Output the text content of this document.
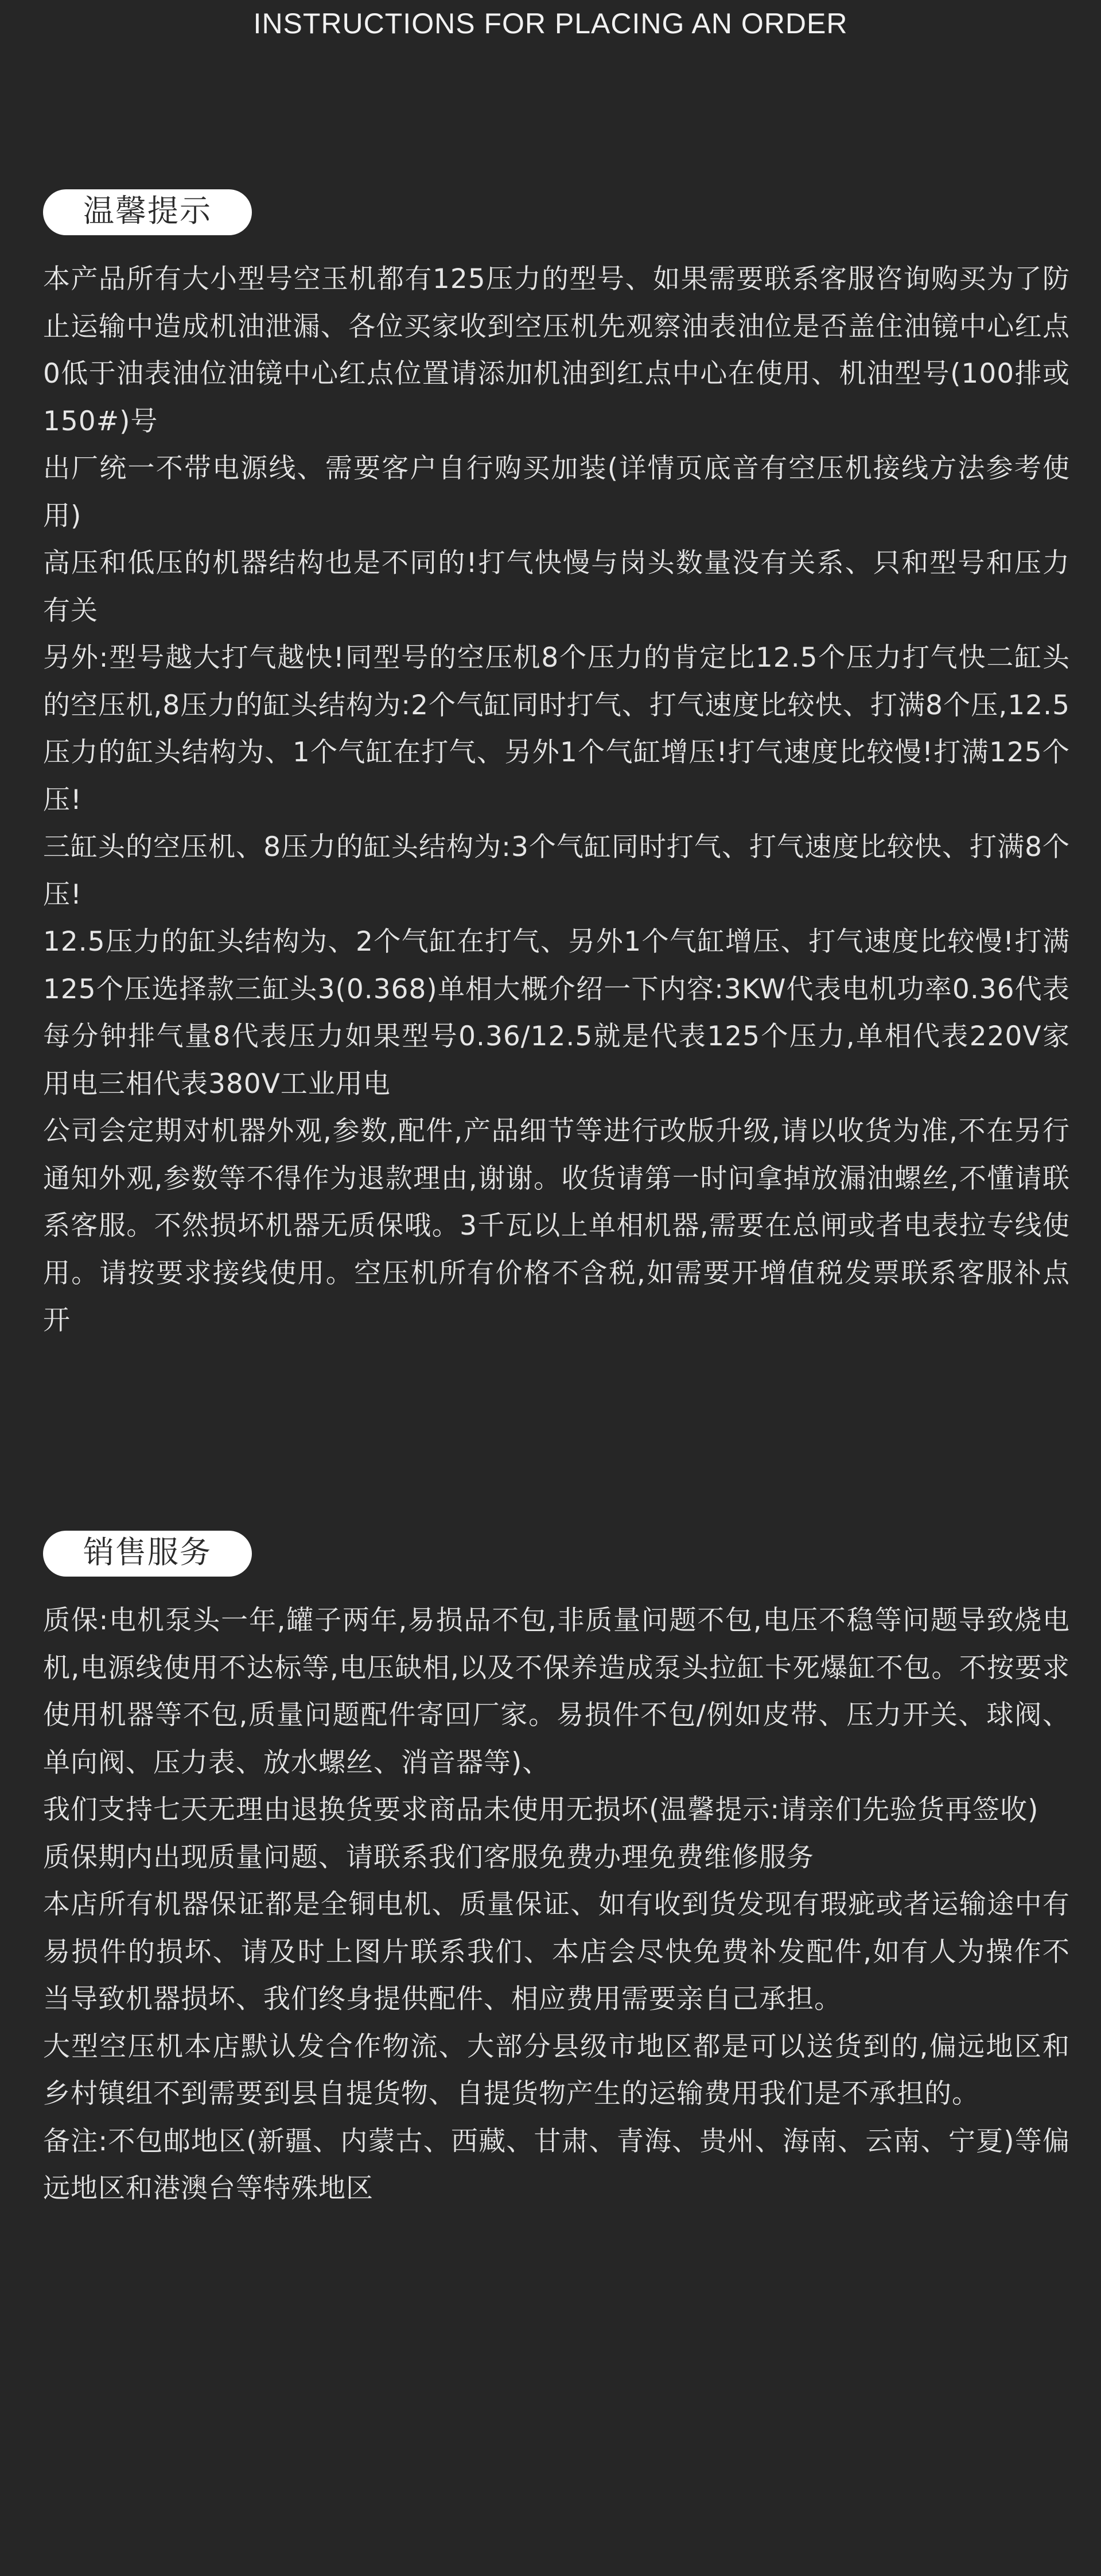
INSTRUCTIONS FOR PLACING AN ORDER
温馨提示
本产品所有大小型号空玉机都有125压力的型号、如果需要联系客服咨询购买为了防止运输中造成机油泄漏、各位买家收到空压机先观察油表油位是否盖住油镜中心红点0低于油表油位油镜中心红点位置请添加机油到红点中心在使用、机油型号(100排或150#)号
出厂统一不带电源线、需要客户自行购买加装(详情页底音有空压机接线方法参考使用)
高压和低压的机器结构也是不同的!打气快慢与岗头数量没有关系、只和型号和压力有关
另外:型号越大打气越快!同型号的空压机8个压力的肯定比12.5个压力打气快二缸头的空压机,8压力的缸头结构为:2个气缸同时打气、打气速度比较快、打满8个压,12.5压力的缸头结构为、1个气缸在打气、另外1个气缸增压!打气速度比较慢!打满125个压!
三缸头的空压机、8压力的缸头结构为:3个气缸同时打气、打气速度比较快、打满8个压!
12.5压力的缸头结构为、2个气缸在打气、另外1个气缸增压、打气速度比较慢!打满125个压选择款三缸头3(0.368)单相大概介绍一下内容:3KW代表电机功率0.36代表每分钟排气量8代表压力如果型号0.36/12.5就是代表125个压力,单相代表220V家用电三相代表380V工业用电
公司会定期对机器外观,参数,配件,产品细节等进行改版升级,请以收货为准,不在另行通知外观,参数等不得作为退款理由,谢谢。收货请第一时问拿掉放漏油螺丝,不懂请联系客服。不然损坏机器无质保哦。3千瓦以上单相机器,需要在总闸或者电表拉专线使用。请按要求接线使用。空压机所有价格不含税,如需要开增值税发票联系客服补点开
销售服务
质保:电机泵头一年,罐子两年,易损品不包,非质量问题不包,电压不稳等问题导致烧电机,电源线使用不达标等,电压缺相,以及不保养造成泵头拉缸卡死爆缸不包。不按要求使用机器等不包,质量问题配件寄回厂家。易损件不包/例如皮带、压力开关、球阀、单向阀、压力表、放水螺丝、消音器等)、
我们支持七天无理由退换货要求商品未使用无损坏(温馨提示:请亲们先验货再签收)
质保期内出现质量问题、请联系我们客服免费办理免费维修服务
本店所有机器保证都是全铜电机、质量保证、如有收到货发现有瑕疵或者运输途中有易损件的损坏、请及时上图片联系我们、本店会尽快免费补发配件,如有人为操作不当导致机器损坏、我们终身提供配件、相应费用需要亲自己承担。
大型空压机本店默认发合作物流、大部分县级市地区都是可以送货到的,偏远地区和乡村镇组不到需要到县自提货物、自提货物产生的运输费用我们是不承担的。
备注:不包邮地区(新疆、内蒙古、西藏、甘肃、青海、贵州、海南、云南、宁夏)等偏远地区和港澳台等特殊地区
